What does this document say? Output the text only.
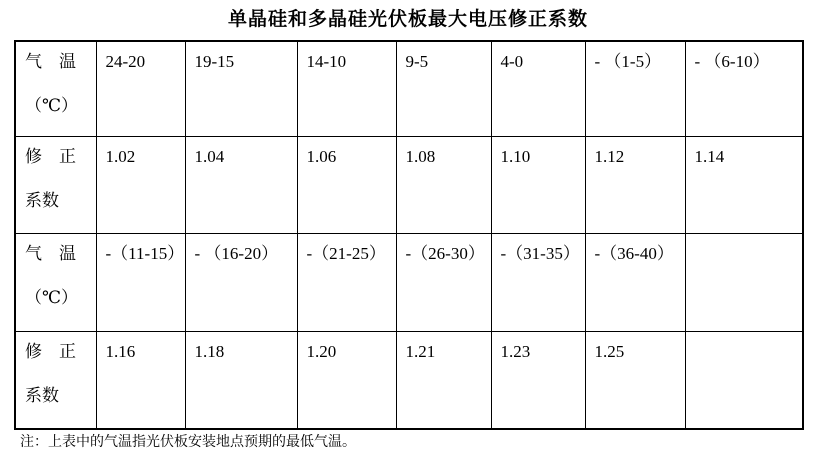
单晶硅和多晶硅光伏板最大电压修正系数
气　温
（℃）	24-20	19-15	14-10	9-5	4-0	- （1-5）	- （6-10）

修　正
系数	1.02	1.04	1.06	1.08	1.10	1.12	1.14

气　温
（℃）	-（11-15）	- （16-20）	-（21-25）	-（26-30）	-（31-35）	-（36-40）	

修　正
系数	1.16	1.18	1.20	1.21	1.23	1.25	
注：上表中的气温指光伏板安装地点预期的最低气温。
